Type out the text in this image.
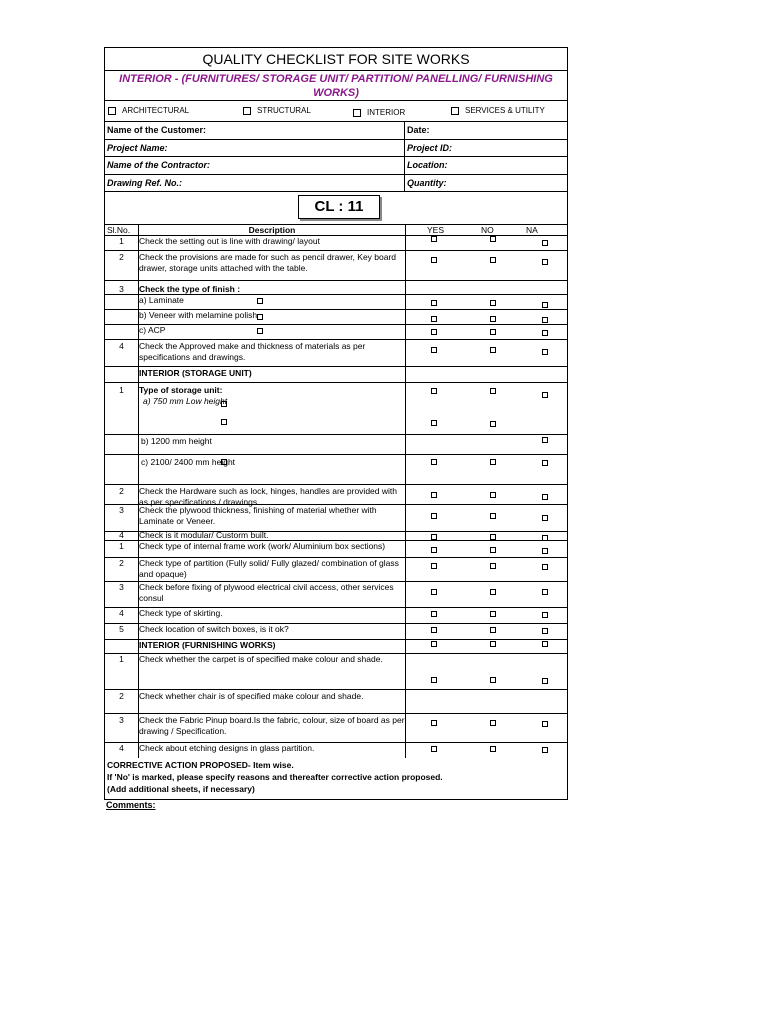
QUALITY CHECKLIST FOR SITE WORKS
INTERIOR - (FURNITURES/ STORAGE UNIT/ PARTITION/ PANELLING/ FURNISHING WORKS)
ARCHITECTURAL	STRUCTURAL	INTERIOR	SERVICES & UTILITY
Name of the Customer:	Date:
Project Name:	Project ID:
Name of the Contractor:	Location:
Drawing Ref. No.:	Quantity:
CL : 11
Sl.No.	Description	YES	NO	NA
1	Check the setting out is line with drawing/ layout
2	Check the provisions are made for such as pencil drawer, Key board drawer, storage units attached with the table.
3	Check the type of finish :
a) Laminate
b) Veneer with melamine polish
c) ACP
4	Check the Approved make and thickness of materials as per specifications and drawings.
INTERIOR (STORAGE UNIT)
1	Type of storage unit:
a) 750 mm Low height
b) 1200 mm height
c) 2100/ 2400 mm height
2	Check the Hardware such as lock, hinges, handles are provided with as per specifications / drawings.
3	Check the plywood thickness, finishing of material whether with Laminate or Veneer.
4	Check is it modular/ Custorm built.
1	Check type of internal frame work (work/ Aluminium box sections)
2	Check type of partition (Fully solid/ Fully glazed/ combination of glass and opaque)
3	Check before fixing of plywood electrical civil access, other services consul
4	Check type of skirting.
5	Check location of switch boxes, is it ok?
INTERIOR (FURNISHING WORKS)
1	Check whether the carpet is of specified make colour and shade.
2	Check whether chair is of specified make colour and shade.
3	Check the Fabric Pinup board.Is the fabric, colour, size of board as per drawing / Specification.
4	Check about etching designs in glass partition.
CORRECTIVE ACTION PROPOSED- Item wise.
If 'No' is marked, please specify reasons and thereafter corrective action proposed.
(Add additional sheets, if necessary)
Comments:
